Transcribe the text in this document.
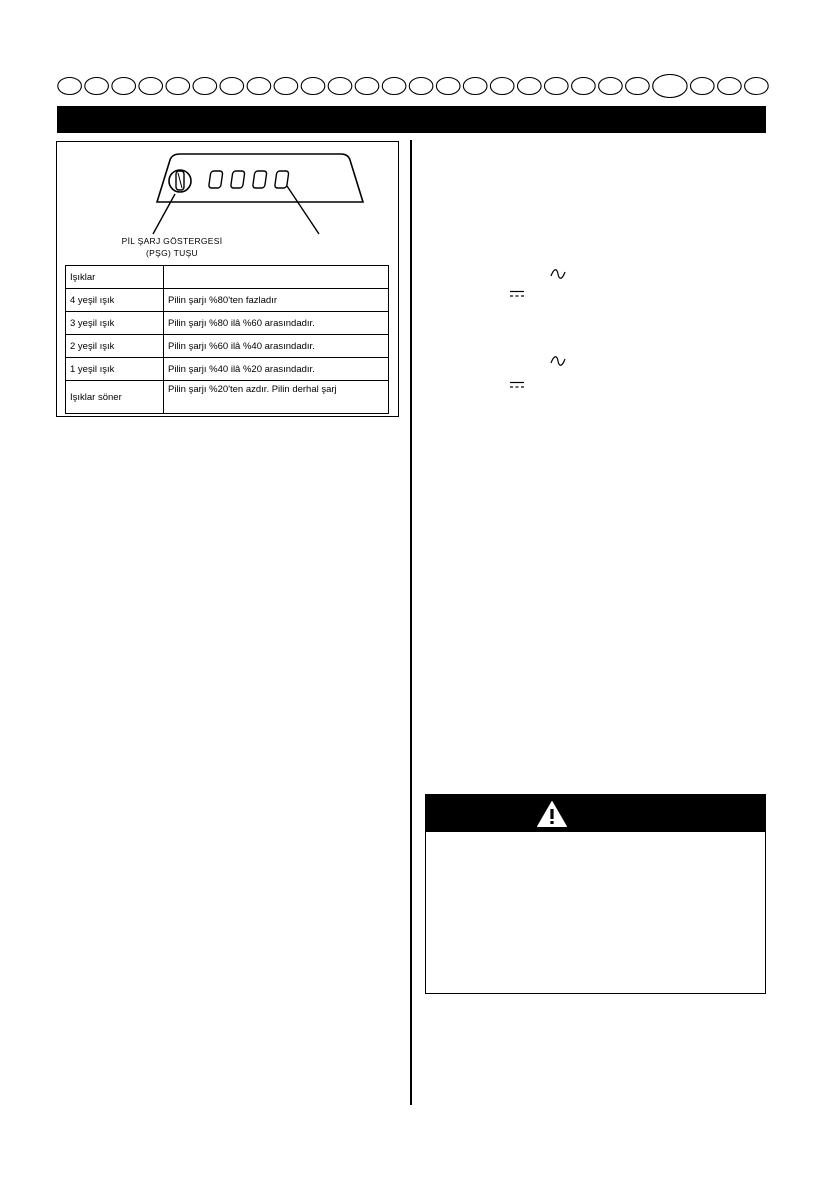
PİL ŞARJ GÖSTERGESİ
(PŞG) TUŞU
Işıklar	
4 yeşil ışık	Pilin şarjı %80'ten fazladır
3 yeşil ışık	Pilin şarjı %80 ilâ %60 arasındadır.
2 yeşil ışık	Pilin şarjı %60 ilâ %40 arasındadır.
1 yeşil ışık	Pilin şarjı %40 ilâ %20 arasındadır.
Işıklar söner	Pilin şarjı %20'ten azdır. Pilin derhal şarj
